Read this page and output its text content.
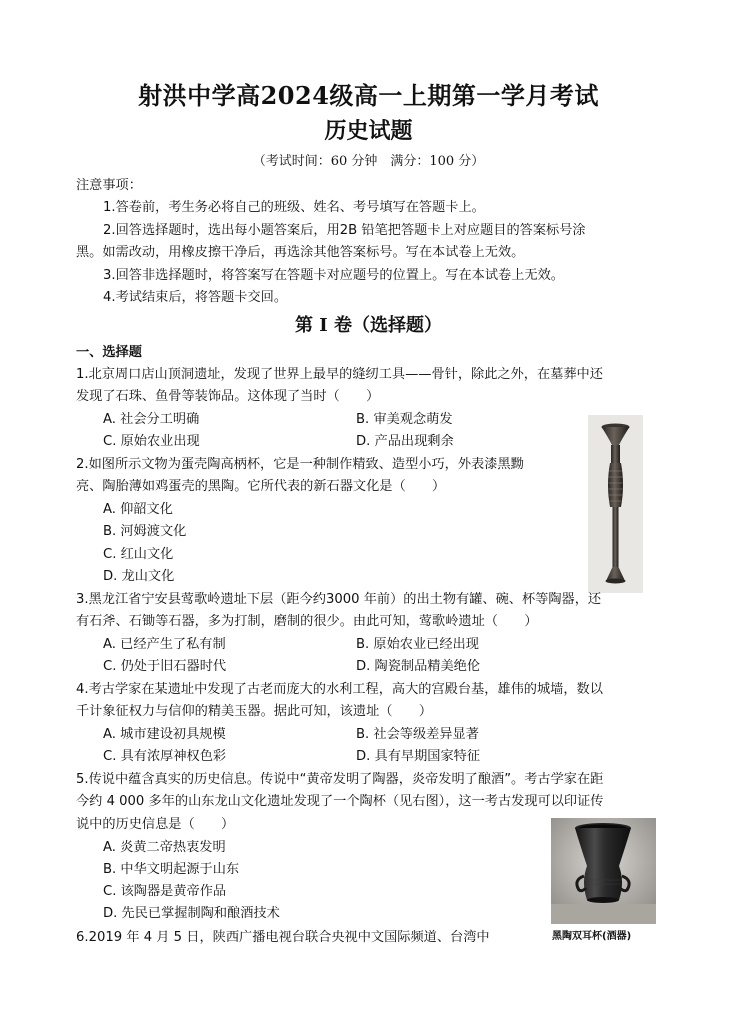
射洪中学高2024级高一上期第一学月考试
历史试题
（考试时间：60 分钟　满分：100 分）
注意事项：
1.答卷前，考生务必将自己的班级、姓名、考号填写在答题卡上。
2.回答选择题时，选出每小题答案后，用2B 铅笔把答题卡上对应题目的答案标号涂
黑。如需改动，用橡皮擦干净后，再选涂其他答案标号。写在本试卷上无效。
3.回答非选择题时，将答案写在答题卡对应题号的位置上。写在本试卷上无效。
4.考试结束后，将答题卡交回。
第 I 卷（选择题）
一、选择题
1.北京周口店山顶洞遗址，发现了世界上最早的缝纫工具——骨针，除此之外，在墓葬中还
发现了石珠、鱼骨等装饰品。这体现了当时（　　）
A. 社会分工明确	B. 审美观念萌发
C. 原始农业出现	D. 产品出现剩余
2.如图所示文物为蛋壳陶高柄杯，它是一种制作精致、造型小巧，外表漆黑黝
亮、陶胎薄如鸡蛋壳的黑陶。它所代表的新石器文化是（　　）
A. 仰韶文化
B. 河姆渡文化
C. 红山文化
D. 龙山文化
3.黑龙江省宁安县莺歌岭遗址下层（距今约3000 年前）的出土物有罐、碗、杯等陶器，还
有石斧、石锄等石器，多为打制，磨制的很少。由此可知，莺歌岭遗址（　　）
A. 已经产生了私有制	B. 原始农业已经出现
C. 仍处于旧石器时代	D. 陶瓷制品精美绝伦
4.考古学家在某遗址中发现了古老而庞大的水利工程，高大的宫殿台基，雄伟的城墙，数以
千计象征权力与信仰的精美玉器。据此可知，该遗址（　　）
A. 城市建设初具规模	B. 社会等级差异显著
C. 具有浓厚神权色彩	D. 具有早期国家特征
5.传说中蕴含真实的历史信息。传说中“黄帝发明了陶器，炎帝发明了酿酒”。考古学家在距
今约 4 000 多年的山东龙山文化遗址发现了一个陶杯（见右图），这一考古发现可以印证传
说中的历史信息是（　　）
A. 炎黄二帝热衷发明
B. 中华文明起源于山东
C. 该陶器是黄帝作品
D. 先民已掌握制陶和酿酒技术
黑陶双耳杯(酒器)
6.2019 年 4 月 5 日，陕西广播电视台联合央视中文国际频道、台湾中
